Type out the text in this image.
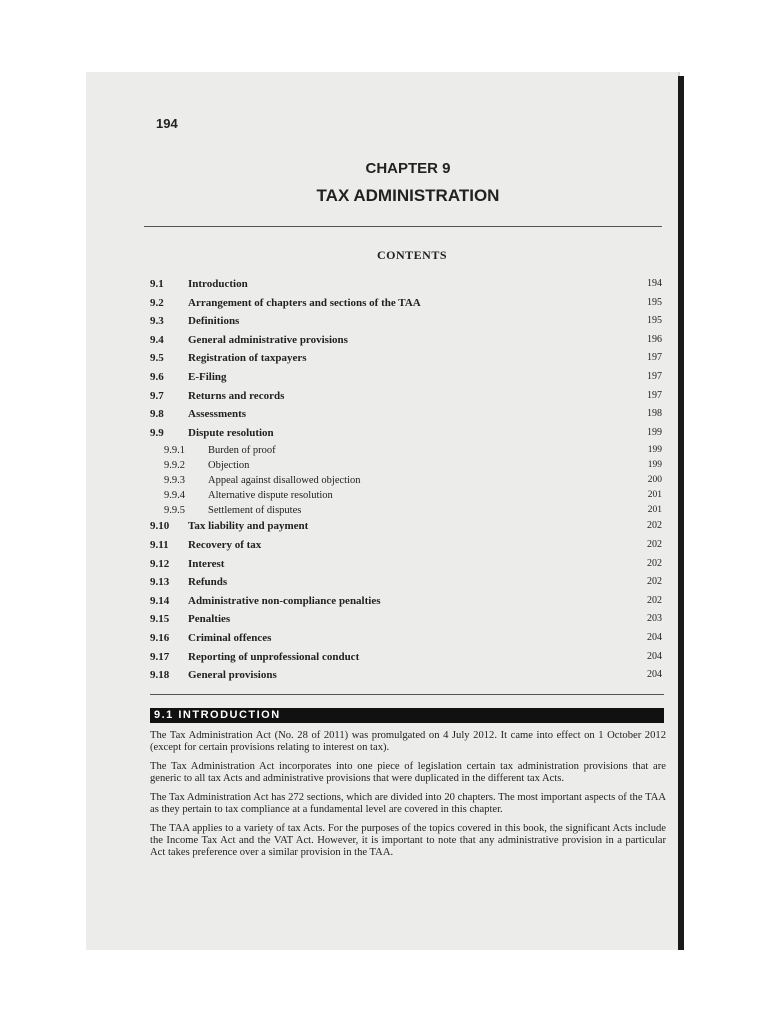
194
CHAPTER 9
TAX ADMINISTRATION
CONTENTS
9.1 Introduction	194
9.2 Arrangement of chapters and sections of the TAA	195
9.3 Definitions	195
9.4 General administrative provisions	196
9.5 Registration of taxpayers	197
9.6 E-Filing	197
9.7 Returns and records	197
9.8 Assessments	198
9.9 Dispute resolution	199
9.9.1 Burden of proof	199
9.9.2 Objection	199
9.9.3 Appeal against disallowed objection	200
9.9.4 Alternative dispute resolution	201
9.9.5 Settlement of disputes	201
9.10 Tax liability and payment	202
9.11 Recovery of tax	202
9.12 Interest	202
9.13 Refunds	202
9.14 Administrative non-compliance penalties	202
9.15 Penalties	203
9.16 Criminal offences	204
9.17 Reporting of unprofessional conduct	204
9.18 General provisions	204
9.1 INTRODUCTION

The Tax Administration Act (No. 28 of 2011) was promulgated on 4 July 2012. It came into effect on 1 October 2012 (except for certain provisions relating to interest on tax).

The Tax Administration Act incorporates into one piece of legislation certain tax administration provisions that are generic to all tax Acts and administrative provisions that were duplicated in the different tax Acts.

The Tax Administration Act has 272 sections, which are divided into 20 chapters. The most important aspects of the TAA as they pertain to tax compliance at a fundamental level are covered in this chapter.

The TAA applies to a variety of tax Acts. For the purposes of the topics covered in this book, the significant Acts include the Income Tax Act and the VAT Act. However, it is important to note that any administrative provision in a particular Act takes preference over a similar provision in the TAA.
